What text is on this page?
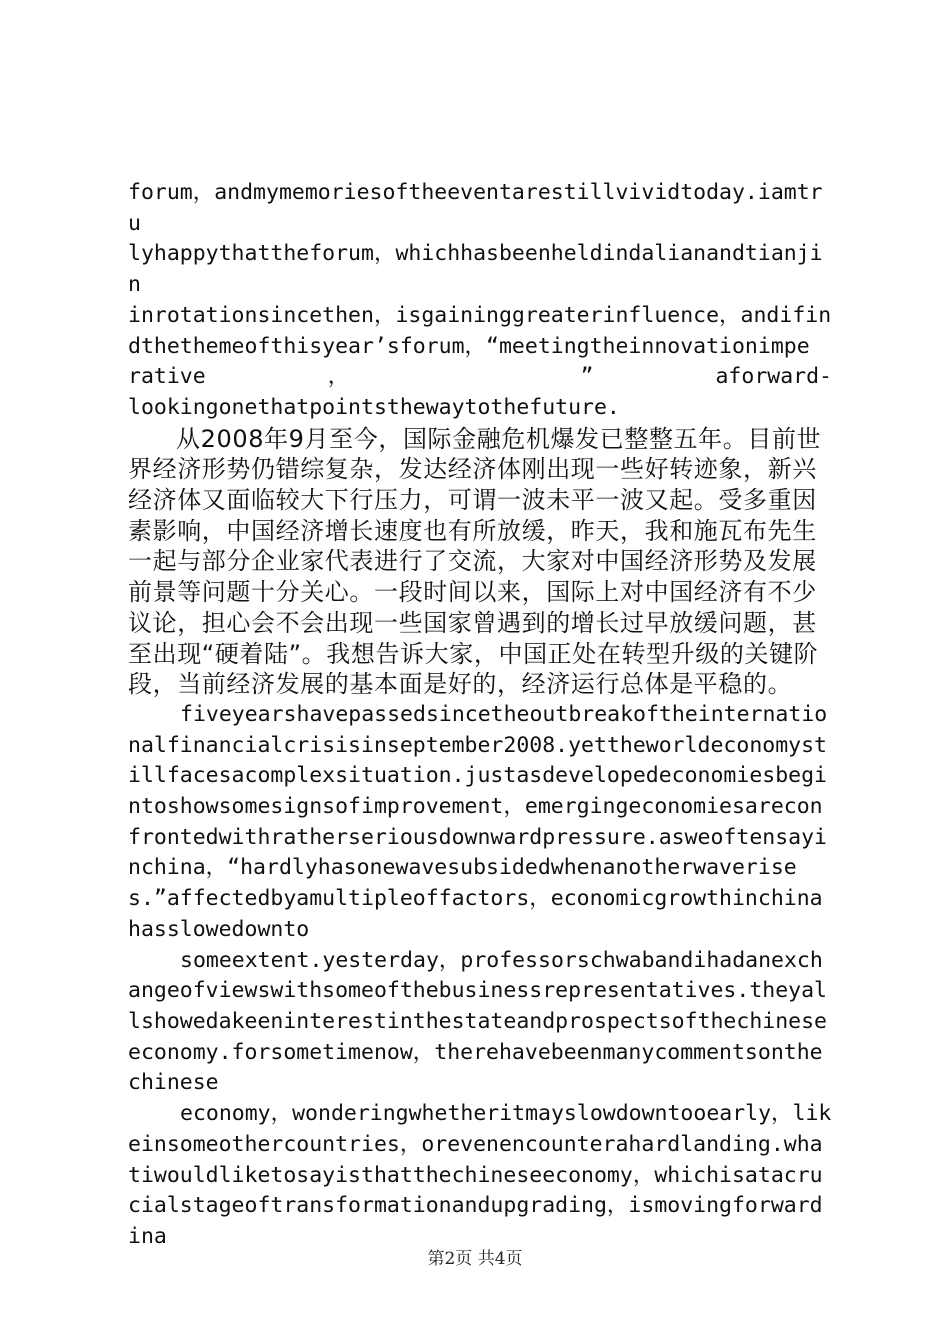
forum，andmymemoriesoftheeventarestillvividtoday.iamtru
lyhappythattheforum，whichhasbeenheldindalianandtianjin
inrotationsincethen，isgaininggreaterinfluence，andifin
dthethemeofthisyear’sforum，“meetingtheinnovationimpe
rative ， ” aforward-
lookingonethatpointsthewaytothefuture.

从2008年9月至今，国际金融危机爆发已整整五年。目前世界经济形势仍错综复杂，发达经济体刚出现一些好转迹象，新兴经济体又面临较大下行压力，可谓一波未平一波又起。受多重因素影响，中国经济增长速度也有所放缓，昨天，我和施瓦布先生一起与部分企业家代表进行了交流，大家对中国经济形势及发展前景等问题十分关心。一段时间以来，国际上对中国经济有不少议论，担心会不会出现一些国家曾遇到的增长过早放缓问题，甚至出现“硬着陆”。我想告诉大家，中国正处在转型升级的关键阶段，当前经济发展的基本面是好的，经济运行总体是平稳的。

fiveyearshavepassedsincetheoutbreakoftheinternationalfinancialcrisisinseptember2008.yettheworldeconomystillfacesacomplexsituation.justasdevelopedeconomiesbegintoshowsomesignsofimprovement，emergingeconomiesareconfrontedwithratherseriousdownwardpressure.asweoftensayinchina，“hardlyhasonewavesubsidedwhenanotherwaverises.”affectedbyamultipleoffactors，economicgrowthinchinahasslowedownto

someextent.yesterday，professorschwabandihadanexchangeofviewswithsomeofthebusinessrepresentatives.theyallshowedakeeninterestinthestateandprospectsofthechineseeconomy.forsometimenow，therehavebeenmanycommentsonthechinese

economy，wonderingwhetheritmayslowdowntooearly，likeinsomeothercountries，orevenencounterahardlanding.whatiwouldliketosayisthatthechineseeconomy，whichisatacrucialstageoftransformationandupgrading，ismovingforwardina

第2页 共4页
